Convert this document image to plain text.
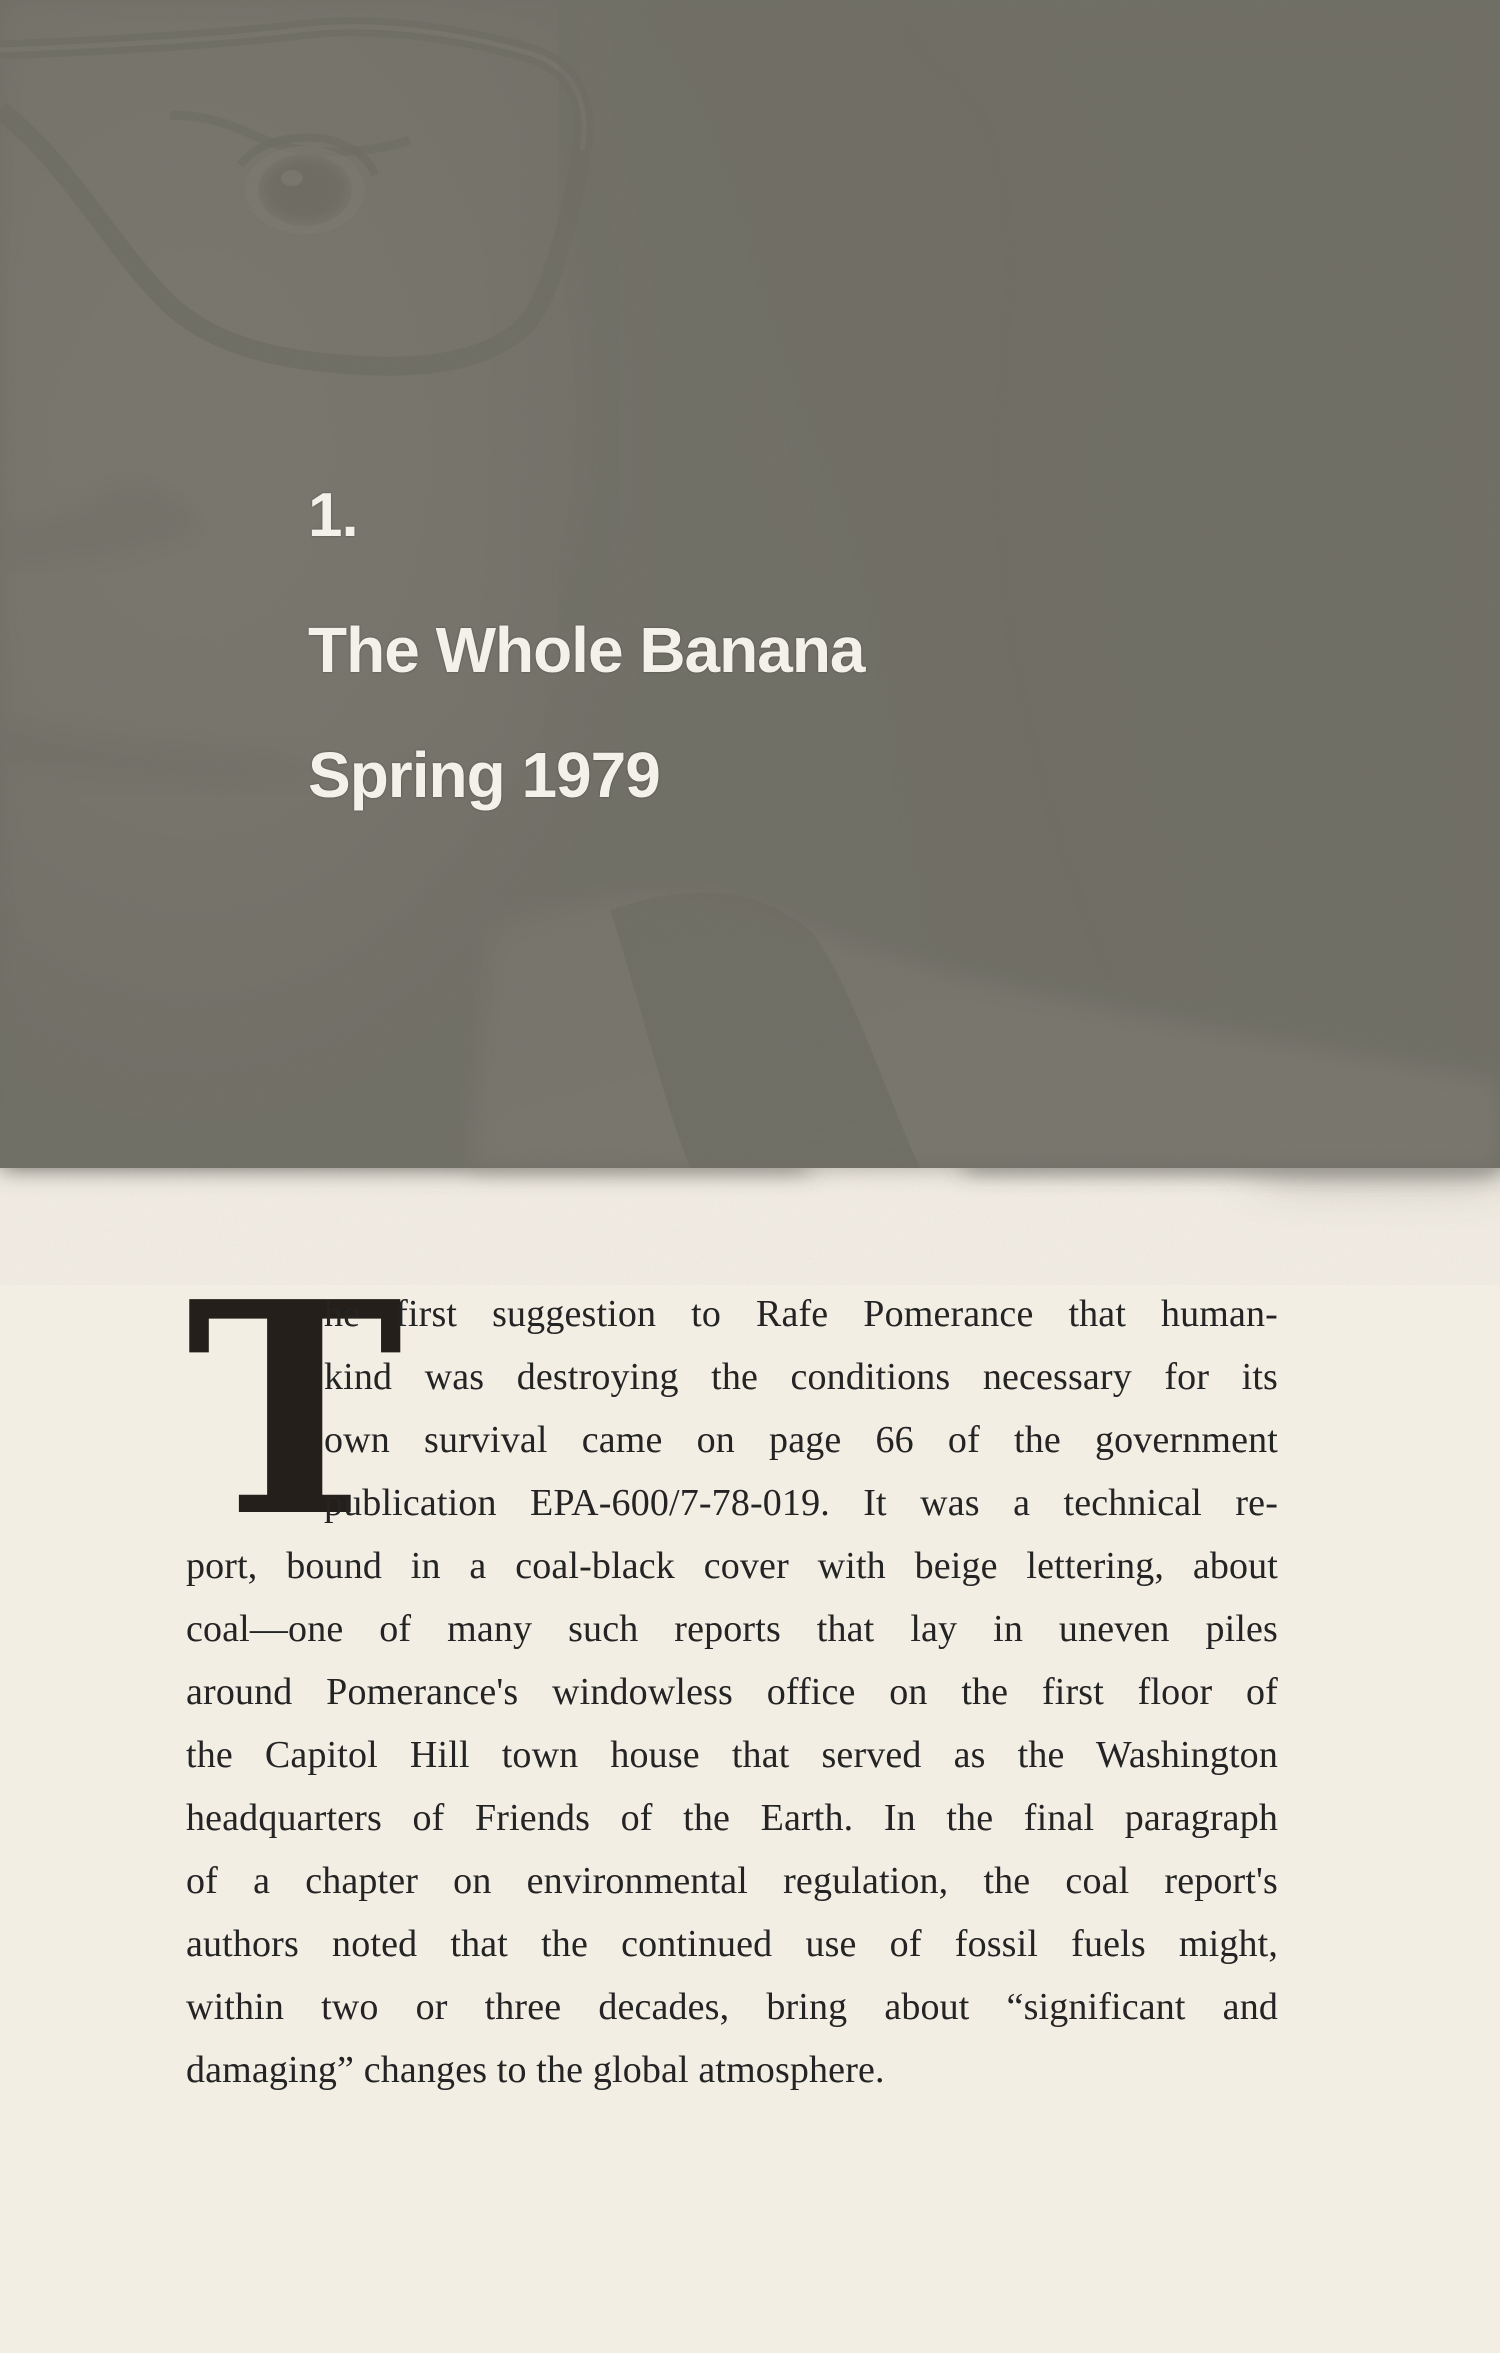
1.
The Whole Banana
Spring 1979
T
he first suggestion to Rafe Pomerance that human-
kind was destroying the conditions necessary for its
own survival came on page 66 of the government
publication EPA-600/7-78-019. It was a technical re-
port, bound in a coal-black cover with beige lettering, about
coal—one of many such reports that lay in uneven piles
around Pomerance's windowless office on the first floor of
the Capitol Hill town house that served as the Washington
headquarters of Friends of the Earth. In the final paragraph
of a chapter on environmental regulation, the coal report's
authors noted that the continued use of fossil fuels might,
within two or three decades, bring about “significant and
damaging” changes to the global atmosphere.
